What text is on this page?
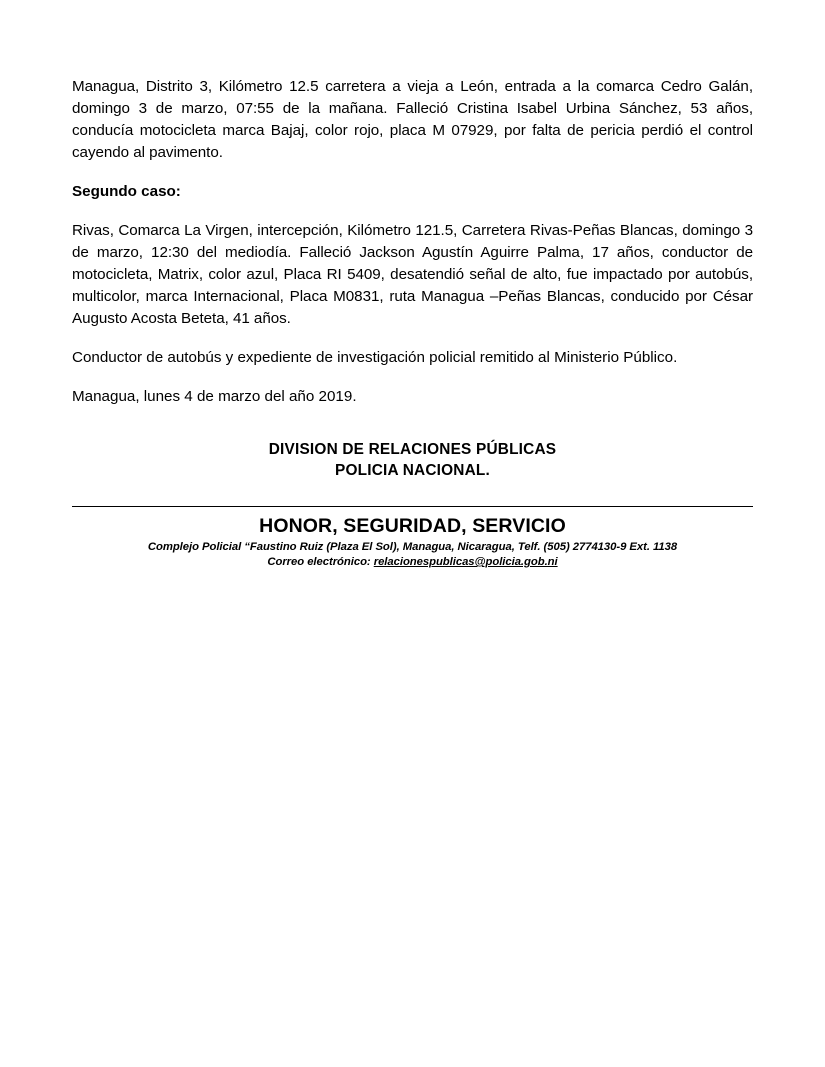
Managua, Distrito 3, Kilómetro 12.5 carretera a vieja a León, entrada a la comarca Cedro Galán, domingo 3 de marzo, 07:55 de la mañana. Falleció Cristina Isabel Urbina Sánchez, 53 años, conducía motocicleta marca Bajaj, color rojo, placa M 07929, por falta de pericia perdió el control cayendo al pavimento.

Segundo caso:

Rivas, Comarca La Virgen, intercepción, Kilómetro 121.5, Carretera Rivas-Peñas Blancas, domingo 3 de marzo, 12:30 del mediodía. Falleció Jackson Agustín Aguirre Palma, 17 años, conductor de motocicleta, Matrix, color azul, Placa RI 5409, desatendió señal de alto, fue impactado por autobús, multicolor, marca Internacional, Placa M0831, ruta Managua –Peñas Blancas, conducido por César Augusto Acosta Beteta, 41 años.

Conductor de autobús y expediente de investigación policial remitido al Ministerio Público.

Managua, lunes 4 de marzo del año 2019.

DIVISION DE RELACIONES PÚBLICAS
POLICIA NACIONAL.
HONOR, SEGURIDAD, SERVICIO
Complejo Policial “Faustino Ruiz (Plaza El Sol), Managua, Nicaragua, Telf. (505) 2774130-9 Ext. 1138
Correo electrónico: relacionespublicas@policia.gob.ni
